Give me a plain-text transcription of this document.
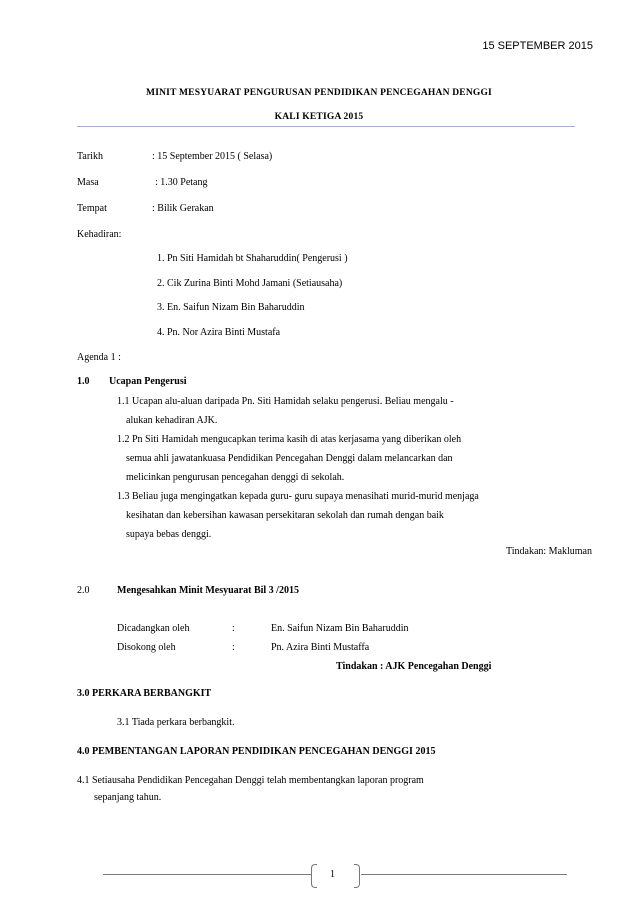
15 SEPTEMBER 2015
MINIT MESYUARAT PENGURUSAN PENDIDIKAN PENCEGAHAN DENGGI
KALI KETIGA 2015
Tarikh	: 15 September 2015 ( Selasa)
Masa	: 1.30 Petang
Tempat	: Bilik Gerakan
Kehadiran:
1. Pn Siti Hamidah bt Shaharuddin( Pengerusi )
2. Cik Zurina Binti Mohd Jamani (Setiausaha)
3. En. Saifun Nizam Bin Baharuddin
4. Pn. Nor Azira Binti Mustafa
Agenda 1 :
1.0 Ucapan Pengerusi
1.1 Ucapan alu-aluan daripada Pn. Siti Hamidah selaku pengerusi. Beliau mengalu -
alukan kehadiran AJK.
1.2 Pn Siti Hamidah mengucapkan terima kasih di atas kerjasama yang diberikan oleh
semua ahli jawatankuasa Pendidikan Pencegahan Denggi dalam melancarkan dan
melicinkan pengurusan pencegahan denggi di sekolah.
1.3 Beliau juga mengingatkan kepada guru- guru supaya menasihati murid-murid menjaga
kesihatan dan kebersihan kawasan persekitaran sekolah dan rumah dengan baik
supaya bebas denggi.
Tindakan: Makluman
2.0	Mengesahkan Minit Mesyuarat Bil 3 /2015
Dicadangkan oleh	:	En. Saifun Nizam Bin Baharuddin
Disokong oleh	:	Pn. Azira Binti Mustaffa
Tindakan : AJK Pencegahan Denggi
3.0 PERKARA BERBANGKIT
3.1 Tiada perkara berbangkit.
4.0 PEMBENTANGAN LAPORAN PENDIDIKAN PENCEGAHAN DENGGI 2015
4.1 Setiausaha Pendidikan Pencegahan Denggi telah membentangkan laporan program
sepanjang tahun.
1
